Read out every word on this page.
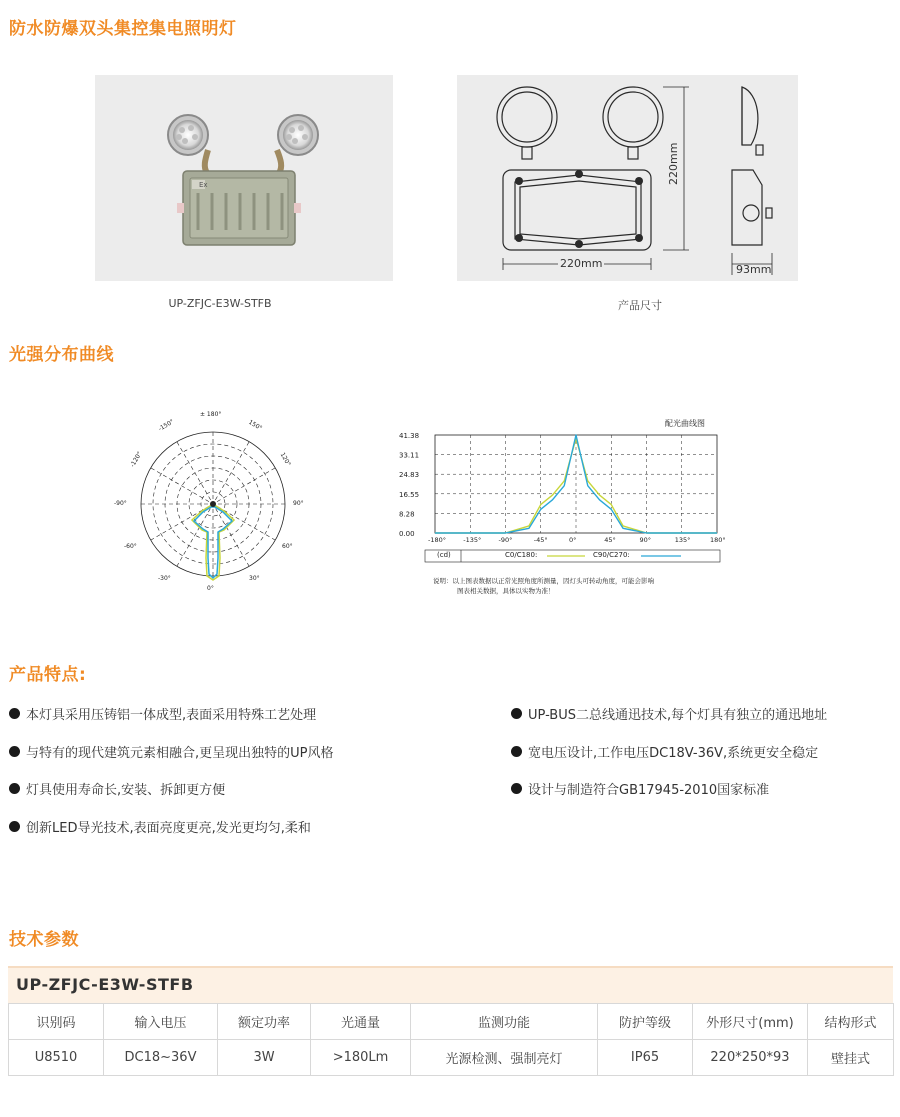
防水防爆双头集控集电照明灯
Ex
UP-ZFJC-E3W-STFB
220mm
220mm	93mm
产品尺寸
光强分布曲线
± 180°
-150°
-120°
-90°
-60°
-30°
150°
120°
90°
60°
30°
0°
配光曲线图
41.38
33.11
24.83
16.55
8.28
0.00
-180°	-135°	-90°	-45°	0°	45°	90°	135°	180°
(cd)	C0/C180:	C90/C270:
说明：以上图表数据以正常光照角度所测量，因灯头可转动角度，可能会影响
图表相关数据，具体以实物为准！
产品特点:
本灯具采用压铸铝一体成型,表面采用特殊工艺处理
与特有的现代建筑元素相融合,更呈现出独特的UP风格
灯具使用寿命长,安装、拆卸更方便
创新LED导光技术,表面亮度更亮,发光更均匀,柔和
UP-BUS二总线通迅技术,每个灯具有独立的通迅地址
宽电压设计,工作电压DC18V-36V,系统更安全稳定
设计与制造符合GB17945-2010国家标准
技术参数
UP-ZFJC-E3W-STFB
识别码	输入电压	额定功率	光通量	监测功能	防护等级	外形尺寸(mm)	结构形式
U8510	DC18~36V	3W	>180Lm	光源检测、强制亮灯	IP65	220*250*93	壁挂式
